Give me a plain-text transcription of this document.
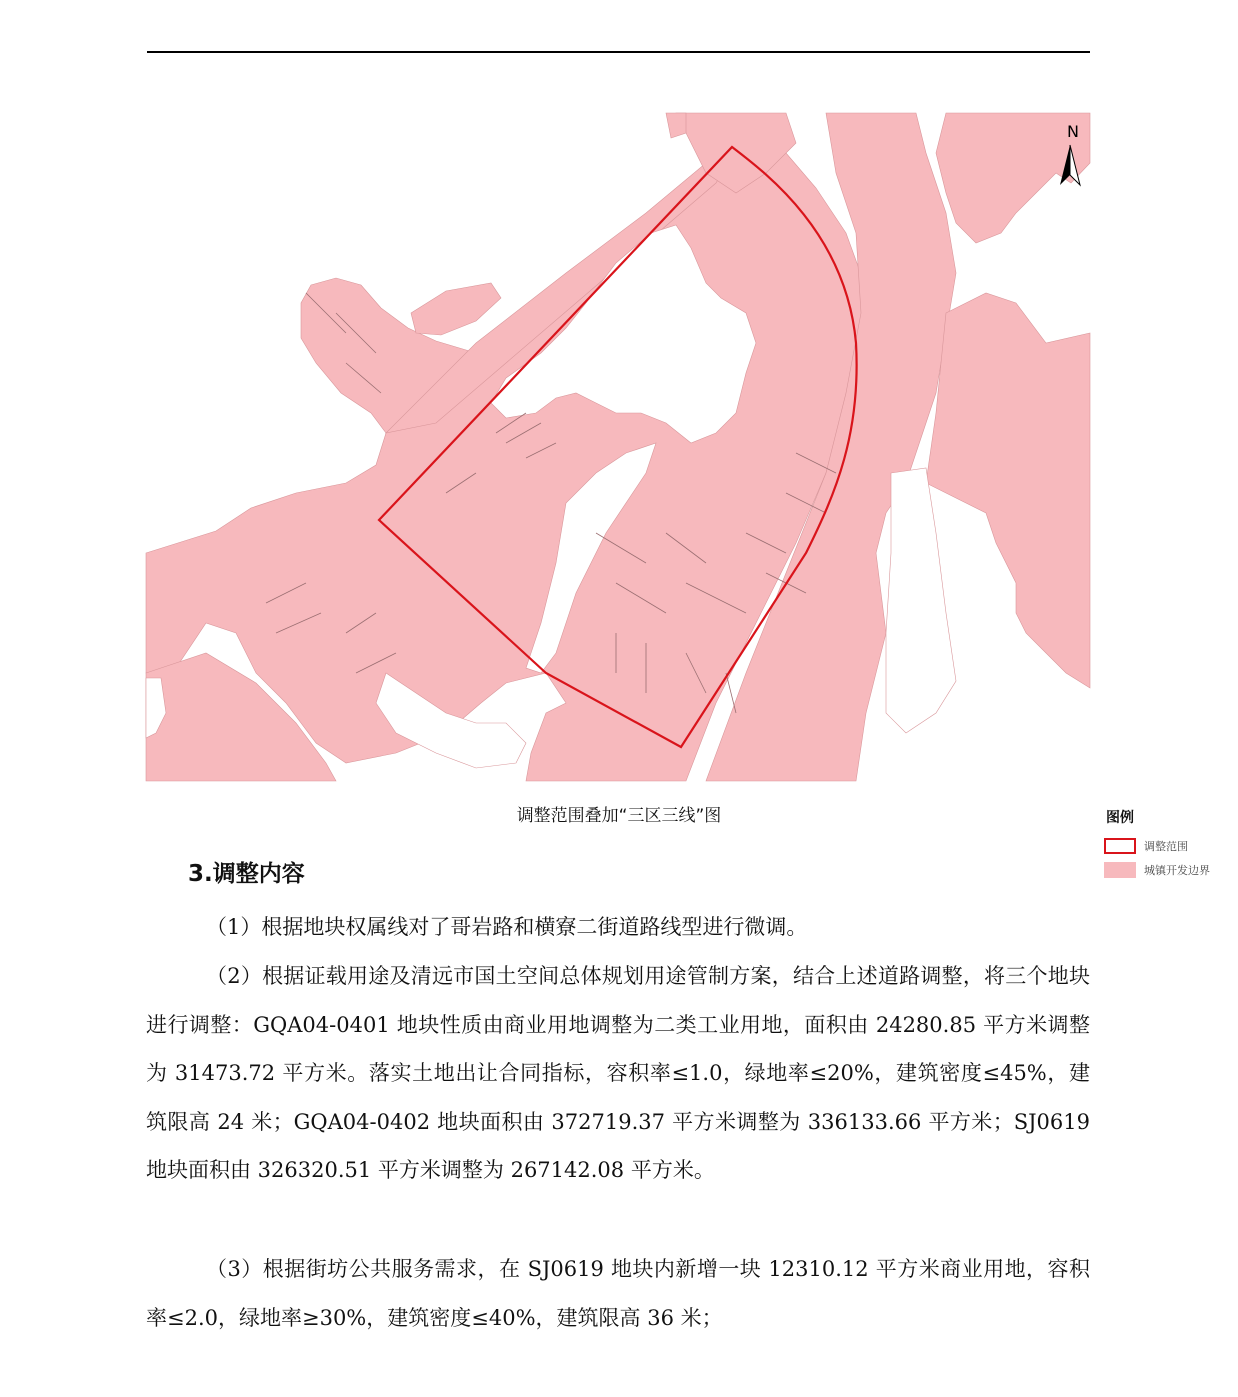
N
图例
调整范围
城镇开发边界
调整范围叠加“三区三线”图
3.调整内容

（1）根据地块权属线对了哥岩路和横寮二街道路线型进行微调。

（2）根据证载用途及清远市国土空间总体规划用途管制方案，结合上述道路调整，将三个地块进行调整：GQA04-0401 地块性质由商业用地调整为二类工业用地，面积由 24280.85 平方米调整为 31473.72 平方米。落实土地出让合同指标，容积率≤1.0，绿地率≤20%，建筑密度≤45%，建筑限高 24 米；GQA04-0402 地块面积由 372719.37 平方米调整为 336133.66 平方米；SJ0619 地块面积由 326320.51 平方米调整为 267142.08 平方米。

（3）根据街坊公共服务需求，在 SJ0619 地块内新增一块 12310.12 平方米商业用地，容积率≤2.0，绿地率≥30%，建筑密度≤40%，建筑限高 36 米；
